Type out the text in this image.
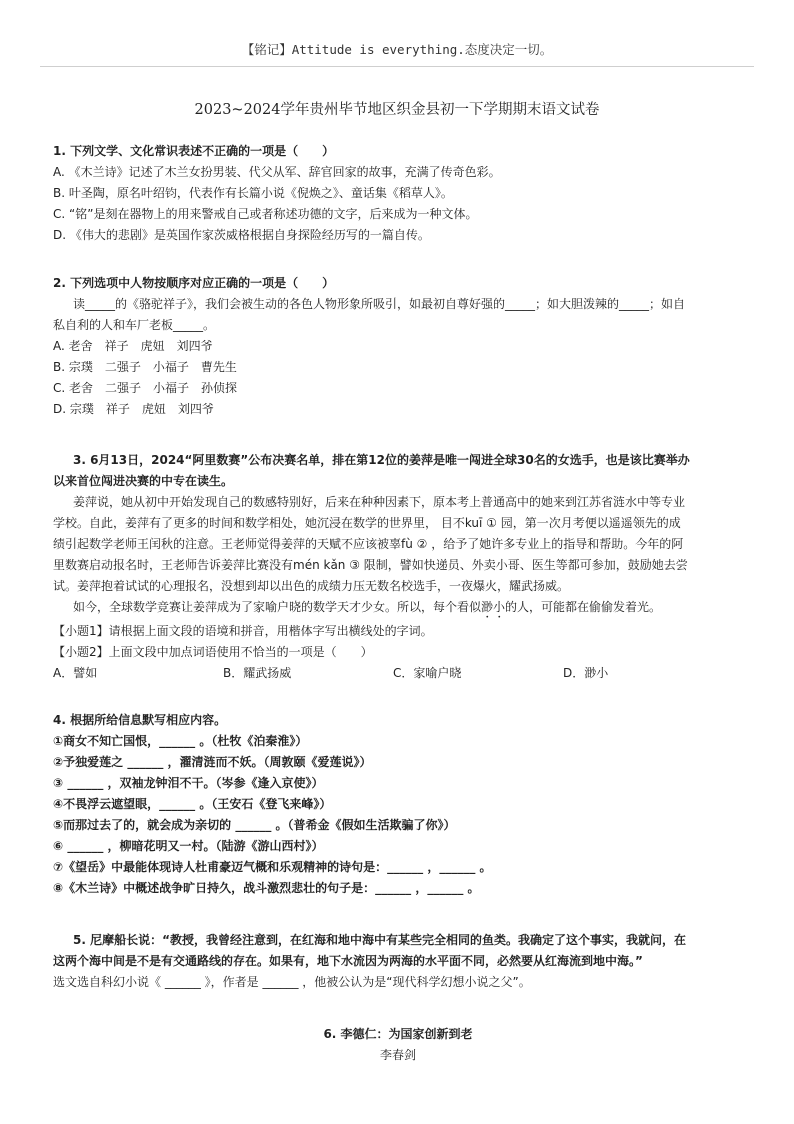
【铭记】Attitude is everything.态度决定一切。
2023~2024学年贵州毕节地区织金县初一下学期期末语文试卷

1. 下列文学、文化常识表述不正确的一项是（　　）

A. 《木兰诗》记述了木兰女扮男装、代父从军、辞官回家的故事，充满了传奇色彩。

B. 叶圣陶，原名叶绍钧，代表作有长篇小说《倪焕之》、童话集《稻草人》。

C. “铭”是刻在器物上的用来警戒自己或者称述功德的文字，后来成为一种文体。

D. 《伟大的悲剧》是英国作家茨威格根据自身探险经历写的一篇自传。

2. 下列选项中人物按顺序对应正确的一项是（　　）

读_____的《骆驼祥子》，我们会被生动的各色人物形象所吸引，如最初自尊好强的_____；如大胆泼辣的_____；如自

私自利的人和车厂老板_____。

A. 老舍　祥子　虎妞　刘四爷

B. 宗璞　二强子　小福子　曹先生

C. 老舍　二强子　小福子　孙侦探

D. 宗璞　祥子　虎妞　刘四爷

3. 6月13日，2024“阿里数赛”公布决赛名单，排在第12位的姜萍是唯一闯进全球30名的女选手，也是该比赛举办

以来首位闯进决赛的中专在读生。

姜萍说，她从初中开始发现自己的数感特别好，后来在种种因素下，原本考上普通高中的她来到江苏省涟水中等专业

学校。自此，姜萍有了更多的时间和数学相处，她沉浸在数学的世界里， 目不kuī ① 园，第一次月考便以遥遥领先的成

绩引起数学老师王闰秋的注意。王老师觉得姜萍的天赋不应该被辜fù ② ，给予了她许多专业上的指导和帮助。今年的阿

里数赛启动报名时，王老师告诉姜萍比赛没有mén kǎn ③ 限制，譬如快递员、外卖小哥、医生等都可参加，鼓励她去尝

试。姜萍抱着试试的心理报名，没想到却以出色的成绩力压无数名校选手，一夜爆火，耀武扬威。

如今，全球数学竞赛让姜萍成为了家喻户晓的数学天才少女。所以，每个看似渺小的人，可能都在偷偷发着光。

【小题1】请根据上面文段的语境和拼音，用楷体字写出横线处的字词。

【小题2】上面文段中加点词语使用不恰当的一项是（　　）

A．譬如	B．耀武扬威	C．家喻户晓	D．渺小

4. 根据所给信息默写相应内容。

①商女不知亡国恨，______ 。（杜牧《泊秦淮》）

②予独爱莲之 ______ ，濯清涟而不妖。（周敦颐《爱莲说》）

③ ______ ，双袖龙钟泪不干。（岑参《逢入京使》）

④不畏浮云遮望眼，______ 。（王安石《登飞来峰》）

⑤而那过去了的，就会成为亲切的 ______ 。（普希金《假如生活欺骗了你》）

⑥ ______ ，柳暗花明又一村。（陆游《游山西村》）

⑦《望岳》中最能体现诗人杜甫豪迈气概和乐观精神的诗句是：______ ，______ 。

⑧《木兰诗》中概述战争旷日持久，战斗激烈悲壮的句子是：______ ，______ 。

5. 尼摩船长说：“教授，我曾经注意到，在红海和地中海中有某些完全相同的鱼类。我确定了这个事实，我就问，在

这两个海中间是不是有交通路线的存在。如果有，地下水流因为两海的水平面不同，必然要从红海流到地中海。”

选文选自科幻小说《 ______ 》，作者是 ______ ，他被公认为是“现代科学幻想小说之父”。

6. 李德仁：为国家创新到老

李春剑
